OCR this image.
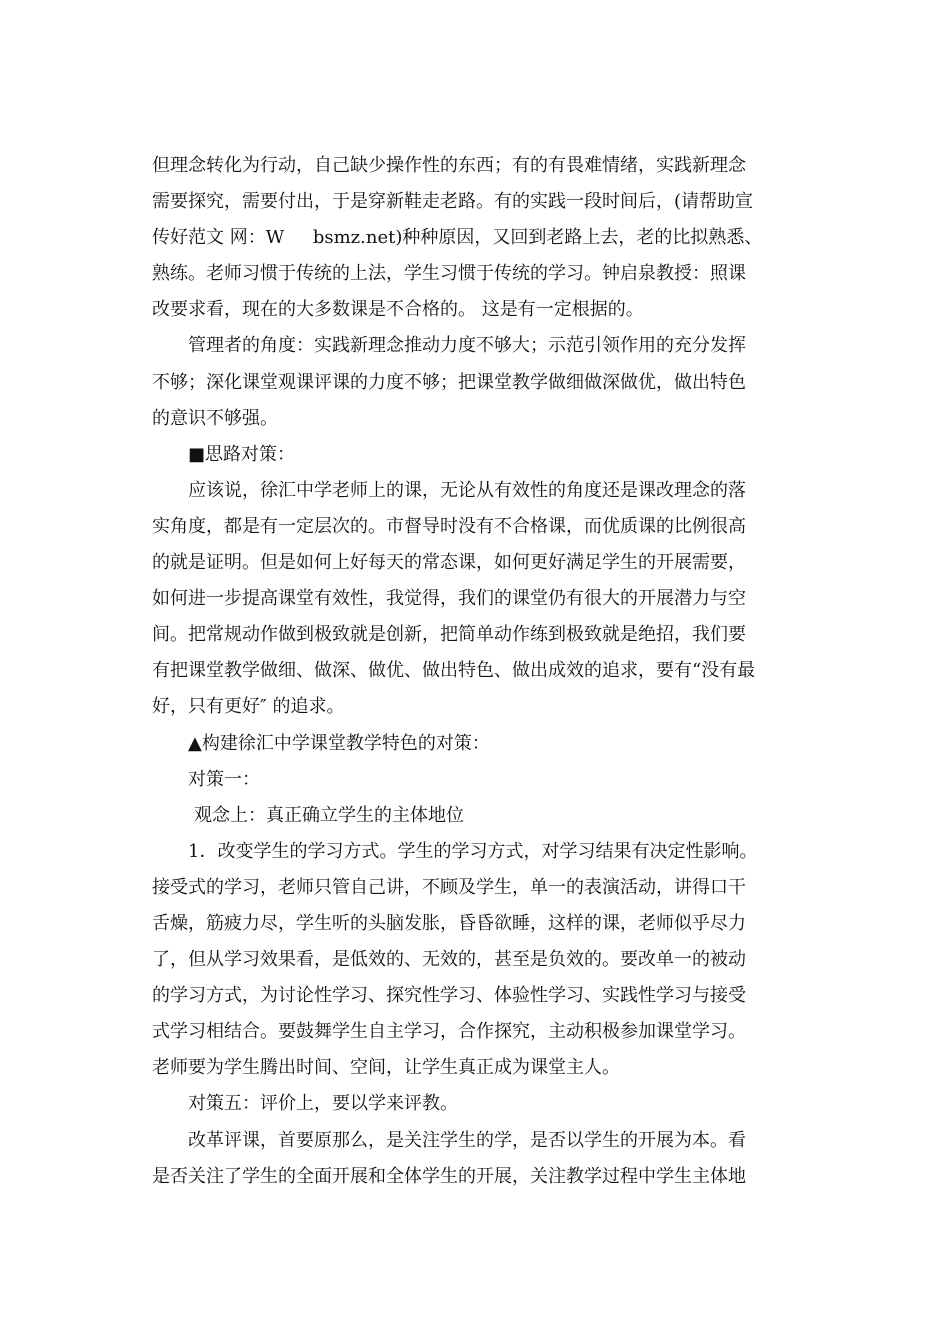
但理念转化为行动，自己缺少操作性的东西；有的有畏难情绪，实践新理念
需要探究，需要付出，于是穿新鞋走老路。有的实践一段时间后，(请帮助宣
传好范文 网：W     bsmz.net)种种原因，又回到老路上去，老的比拟熟悉、
熟练。老师习惯于传统的上法，学生习惯于传统的学习。钟启泉教授：照课
改要求看，现在的大多数课是不合格的。 这是有一定根据的。
管理者的角度：实践新理念推动力度不够大；示范引领作用的充分发挥
不够；深化课堂观课评课的力度不够；把课堂教学做细做深做优，做出特色
的意识不够强。
■思路对策：
应该说，徐汇中学老师上的课，无论从有效性的角度还是课改理念的落
实角度，都是有一定层次的。市督导时没有不合格课，而优质课的比例很高
的就是证明。但是如何上好每天的常态课，如何更好满足学生的开展需要，
如何进一步提高课堂有效性，我觉得，我们的课堂仍有很大的开展潜力与空
间。把常规动作做到极致就是创新，把简单动作练到极致就是绝招，我们要
有把课堂教学做细、做深、做优、做出特色、做出成效的追求，要有“没有最
好，只有更好″ 的追求。
▲构建徐汇中学课堂教学特色的对策：
对策一：
观念上：真正确立学生的主体地位
1．改变学生的学习方式。学生的学习方式，对学习结果有决定性影响。
接受式的学习，老师只管自己讲，不顾及学生，单一的表演活动，讲得口干
舌燥，筋疲力尽，学生听的头脑发胀，昏昏欲睡，这样的课，老师似乎尽力
了，但从学习效果看，是低效的、无效的，甚至是负效的。要改单一的被动
的学习方式，为讨论性学习、探究性学习、体验性学习、实践性学习与接受
式学习相结合。要鼓舞学生自主学习，合作探究，主动积极参加课堂学习。
老师要为学生腾出时间、空间，让学生真正成为课堂主人。
对策五：评价上，要以学来评教。
改革评课，首要原那么，是关注学生的学，是否以学生的开展为本。看
是否关注了学生的全面开展和全体学生的开展，关注教学过程中学生主体地
